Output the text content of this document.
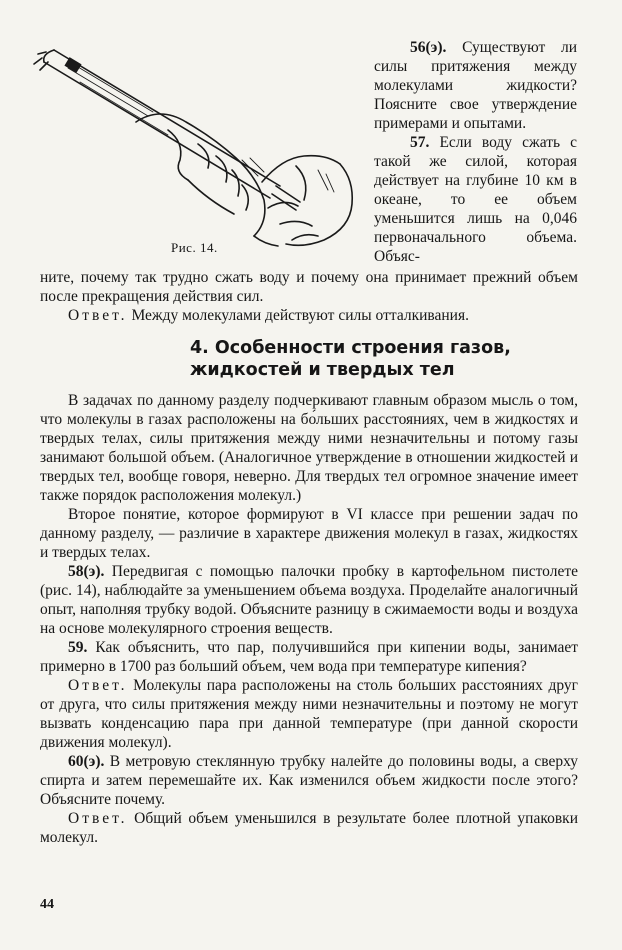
Рис. 14.

56(э). Существуют ли силы притяжения между молекулами жидкости? Поясните свое утверждение примерами и опытами.

57. Если воду сжать с такой же силой, которая действует на глубине 10 км в океане, то ее объем уменьшится лишь на 0,046 первоначального объема. Объяс-

ните, почему так трудно сжать воду и почему она принимает прежний объем после прекращения действия сил.

Ответ. Между молекулами действуют силы отталкивания.

4. Особенности строения газов,
жидкостей и твердых тел

В задачах по данному разделу подчеркивают главным образом мысль о том, что молекулы в газах расположены на бо́льших расстояниях, чем в жидкостях и твердых телах, силы притяжения между ними незначительны и потому газы занимают большой объем. (Аналогичное утверждение в отношении жидкостей и твердых тел, вообще говоря, неверно. Для твердых тел огромное значение имеет также порядок расположения молекул.)

Второе понятие, которое формируют в VI классе при решении задач по данному разделу, — различие в характере движения молекул в газах, жидкостях и твердых телах.

58(э). Передвигая с помощью палочки пробку в картофельном пистолете (рис. 14), наблюдайте за уменьшением объема воздуха. Проделайте аналогичный опыт, наполняя трубку водой. Объясните разницу в сжимаемости воды и воздуха на основе молекулярного строения веществ.

59. Как объяснить, что пар, получившийся при кипении воды, занимает примерно в 1700 раз больший объем, чем вода при температуре кипения?

Ответ. Молекулы пара расположены на столь больших расстояниях друг от друга, что силы притяжения между ними незначительны и поэтому не могут вызвать конденсацию пара при данной температуре (при данной скорости движения молекул).

60(э). В метровую стеклянную трубку налейте до половины воды, а сверху спирта и затем перемешайте их. Как изменился объем жидкости после этого? Объясните почему.

Ответ. Общий объем уменьшился в результате более плотной упаковки молекул.

44
